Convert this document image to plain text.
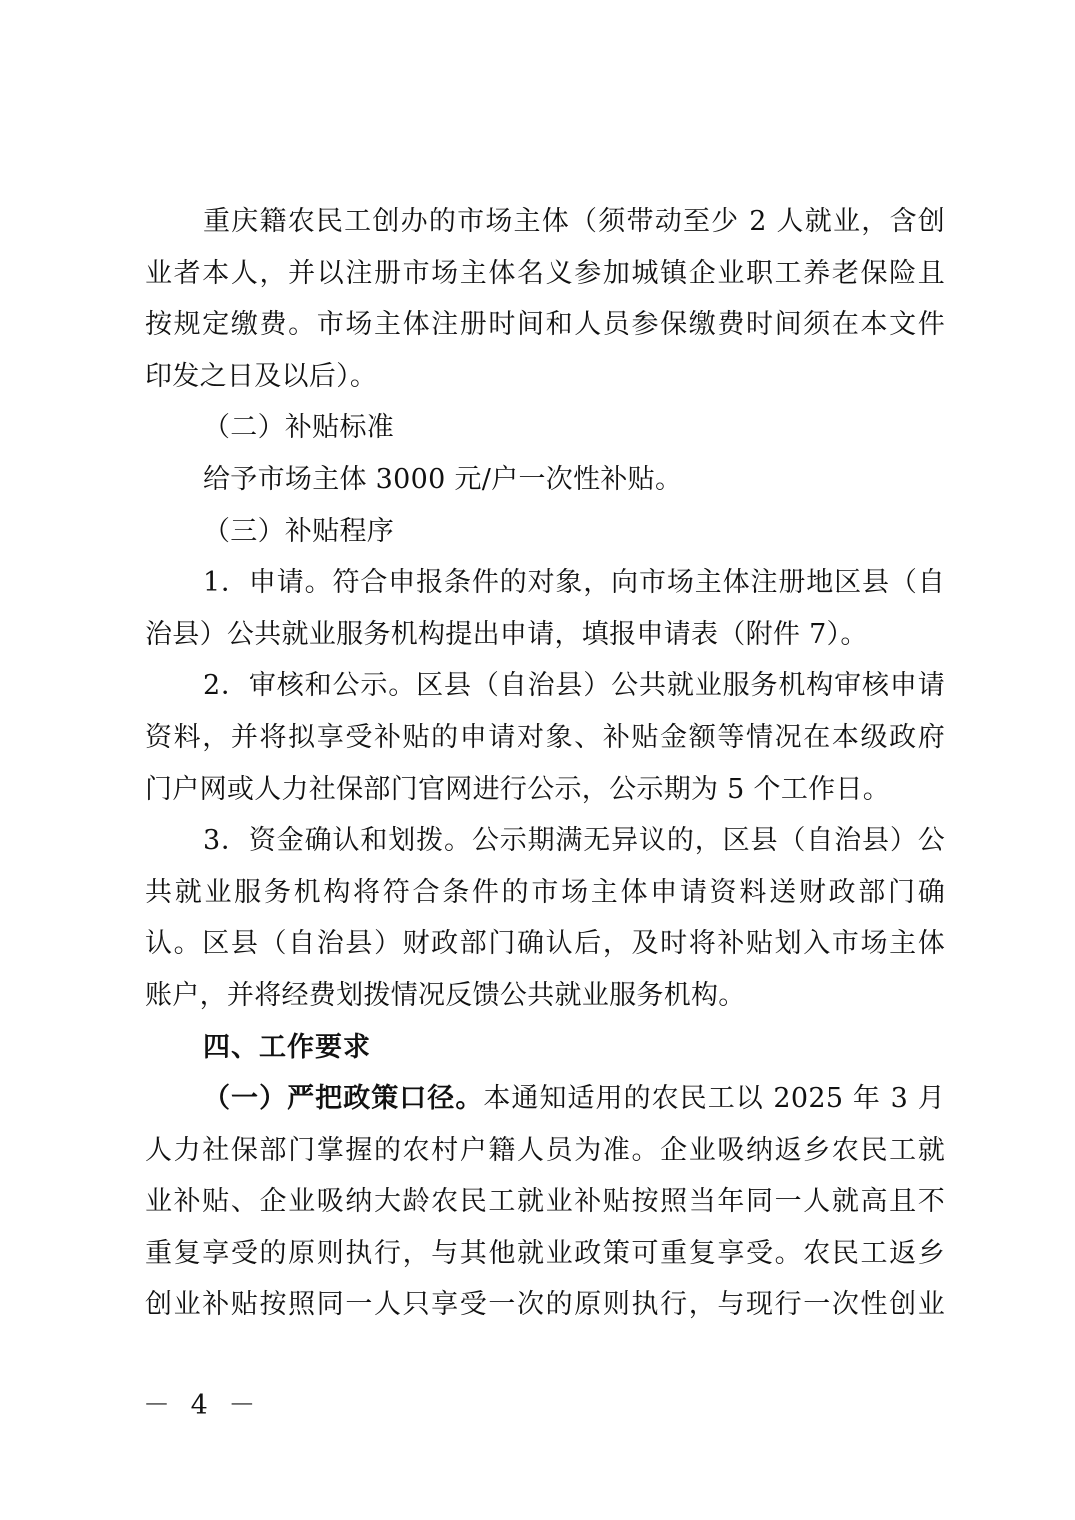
重庆籍农民工创办的市场主体（须带动至少 2 人就业，含创
业者本人，并以注册市场主体名义参加城镇企业职工养老保险且
按规定缴费。市场主体注册时间和人员参保缴费时间须在本文件
印发之日及以后）。
（二）补贴标准
给予市场主体 3000 元/户一次性补贴。
（三）补贴程序
1．申请。符合申报条件的对象，向市场主体注册地区县（自
治县）公共就业服务机构提出申请，填报申请表（附件 7）。
2．审核和公示。区县（自治县）公共就业服务机构审核申请
资料，并将拟享受补贴的申请对象、补贴金额等情况在本级政府
门户网或人力社保部门官网进行公示，公示期为 5 个工作日。
3．资金确认和划拨。公示期满无异议的，区县（自治县）公
共就业服务机构将符合条件的市场主体申请资料送财政部门确
认。区县（自治县）财政部门确认后，及时将补贴划入市场主体
账户，并将经费划拨情况反馈公共就业服务机构。
四、工作要求
（一）严把政策口径。本通知适用的农民工以 2025 年 3 月
人力社保部门掌握的农村户籍人员为准。企业吸纳返乡农民工就
业补贴、企业吸纳大龄农民工就业补贴按照当年同一人就高且不
重复享受的原则执行，与其他就业政策可重复享受。农民工返乡
创业补贴按照同一人只享受一次的原则执行，与现行一次性创业
－ 4 －
